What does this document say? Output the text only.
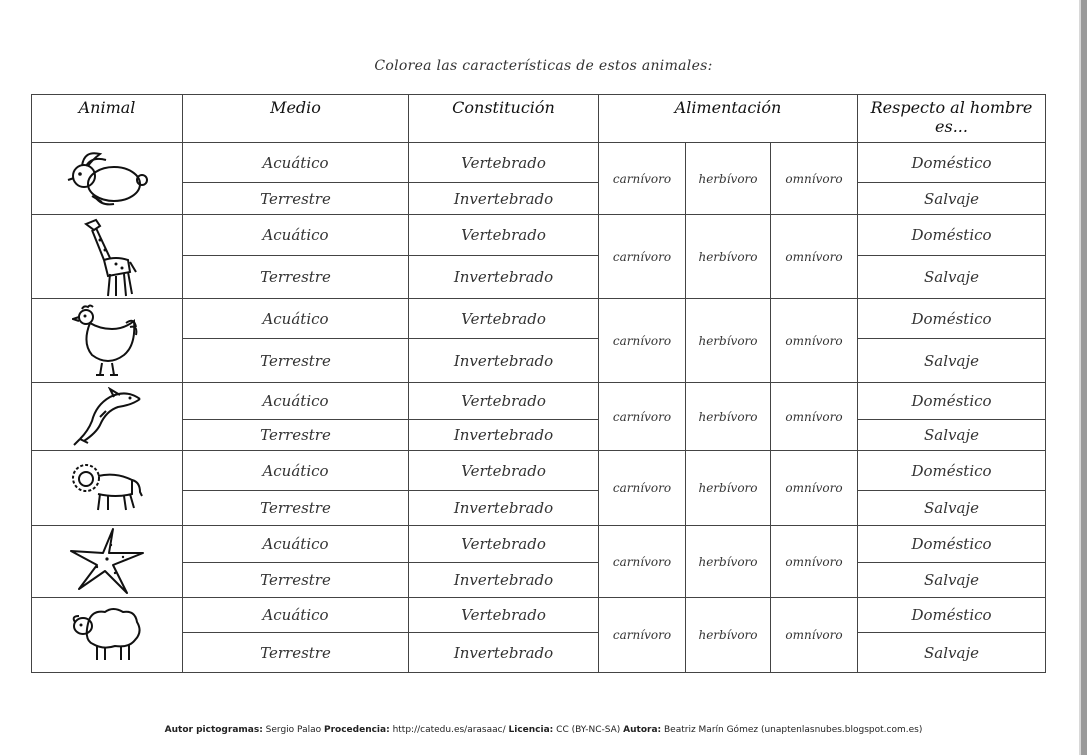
Colorea las características de estos animales:
Animal	Medio	Constitución	Alimentación			Respecto al hombre es...

	Acuático	Vertebrado	carnívoro	herbívoro	omnívoro	Doméstico
	Terrestre	Invertebrado				Salvaje

	Acuático	Vertebrado	carnívoro	herbívoro	omnívoro	Doméstico
	Terrestre	Invertebrado				Salvaje

	Acuático	Vertebrado	carnívoro	herbívoro	omnívoro	Doméstico
	Terrestre	Invertebrado				Salvaje

	Acuático	Vertebrado	carnívoro	herbívoro	omnívoro	Doméstico
	Terrestre	Invertebrado				Salvaje

	Acuático	Vertebrado	carnívoro	herbívoro	omnívoro	Doméstico
	Terrestre	Invertebrado				Salvaje

	Acuático	Vertebrado	carnívoro	herbívoro	omnívoro	Doméstico
	Terrestre	Invertebrado				Salvaje

	Acuático	Vertebrado	carnívoro	herbívoro	omnívoro	Doméstico
	Terrestre	Invertebrado				Salvaje
Autor pictogramas: Sergio Palao Procedencia: http://catedu.es/arasaac/ Licencia: CC (BY-NC-SA) Autora: Beatriz Marín Gómez (unaptenlasnubes.blogspot.com.es)
